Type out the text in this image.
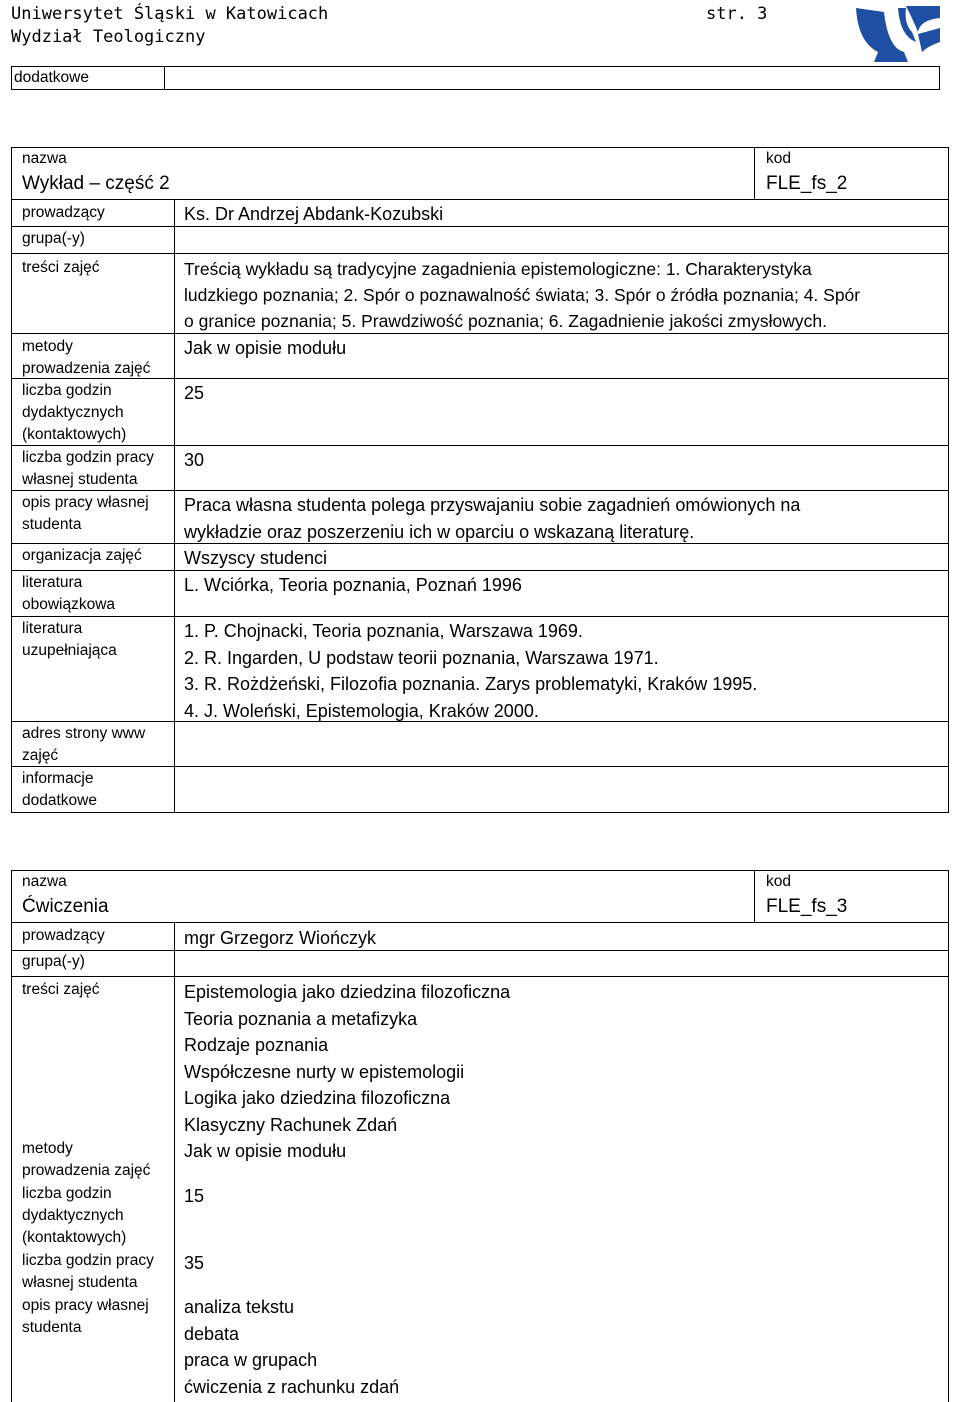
Uniwersytet Śląski w Katowicach	str. 3
Wydział Teologiczny
dodatkowe
nazwa
Wykład – część 2
kod
FLE_fs_2
prowadzący
grupa(-y)
treści zajęć
metody
prowadzenia zajęć
liczba godzin
dydaktycznych
(kontaktowych)
liczba godzin pracy
własnej studenta
opis pracy własnej
studenta
organizacja zajęć
literatura
obowiązkowa
literatura
uzupełniająca
adres strony www
zajęć
informacje
dodatkowe
Ks. Dr Andrzej Abdank-Kozubski
Treścią wykładu są tradycyjne zagadnienia epistemologiczne: 1. Charakterystyka
ludzkiego poznania; 2. Spór o poznawalność świata; 3. Spór o źródła poznania; 4. Spór
o granice poznania; 5. Prawdziwość poznania; 6. Zagadnienie jakości zmysłowych.
Jak w opisie modułu
25
30
Praca własna studenta polega przyswajaniu sobie zagadnień omówionych na
wykładzie oraz poszerzeniu ich w oparciu o wskazaną literaturę.
Wszyscy studenci
L. Wciórka, Teoria poznania, Poznań 1996
1. P. Chojnacki, Teoria poznania, Warszawa 1969.
2. R. Ingarden, U podstaw teorii poznania, Warszawa 1971.
3. R. Rożdżeński, Filozofia poznania. Zarys problematyki, Kraków 1995.
4. J. Woleński, Epistemologia, Kraków 2000.
nazwa
Ćwiczenia
kod
FLE_fs_3
prowadzący
grupa(-y)
treści zajęć
metody
prowadzenia zajęć
liczba godzin
dydaktycznych
(kontaktowych)
liczba godzin pracy
własnej studenta
opis pracy własnej
studenta
mgr Grzegorz Wiończyk
Epistemologia jako dziedzina filozoficzna
Teoria poznania a metafizyka
Rodzaje poznania
Współczesne nurty w epistemologii
Logika jako dziedzina filozoficzna
Klasyczny Rachunek Zdań
Jak w opisie modułu
15
35
analiza tekstu
debata
praca w grupach
ćwiczenia z rachunku zdań
